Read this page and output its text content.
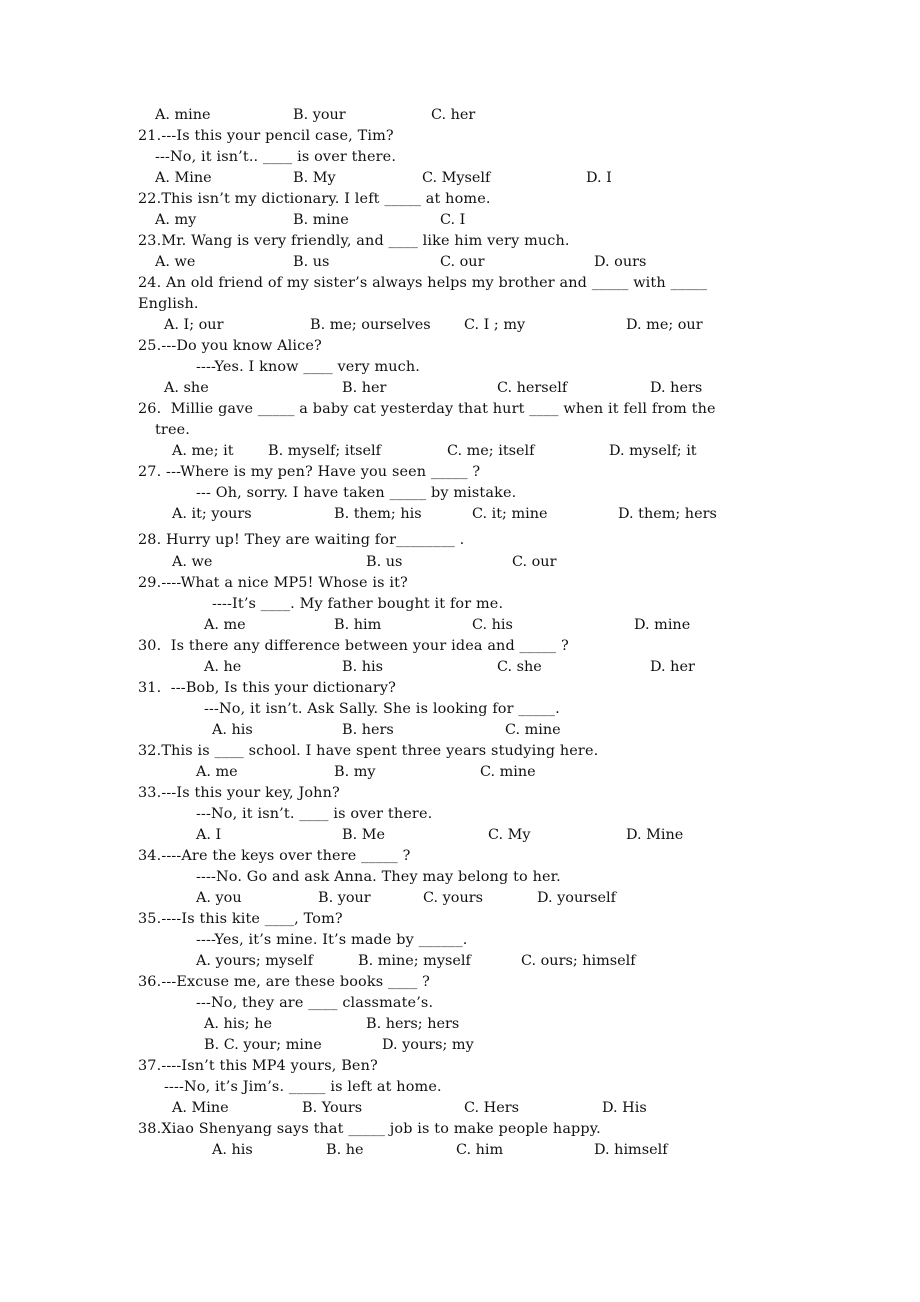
A. mine	B. your	C. her
21.---Is this your pencil case, Tim?
---No, it isn’t.. ____ is over there.
A. Mine	B. My	C. Myself	D. I
22.This isn’t my dictionary. I left _____ at home.
A. my	B. mine	C. I
23.Mr. Wang is very friendly, and ____ like him very much.
A. we	B. us	C. our	D. ours
24. An old friend of my sister’s always helps my brother and _____ with _____
English.
A. I; our	B. me; ourselves C. I ; my	D. me; our
25.---Do you know Alice?
----Yes. I know ____ very much.
A. she	B. her	C. herself	D. hers
26.  Millie gave _____ a baby cat yesterday that hurt ____ when it fell from the
tree.
A. me; it B. myself; itself	C. me; itself	D. myself; it
27. ---Where is my pen? Have you seen _____ ?
--- Oh, sorry. I have taken _____ by mistake.
A. it; yours	B. them; his	C. it; mine	D. them; hers
28. Hurry up! They are waiting for________ .
A. we	B. us	C. our
29.----What a nice MP5! Whose is it?
----It’s ____. My father bought it for me.
A. me	B. him	C. his	D. mine
30.  Is there any difference between your idea and _____ ?
A. he	B. his	C. she	D. her
31.  ---Bob, Is this your dictionary?
---No, it isn’t. Ask Sally. She is looking for _____.
A. his	B. hers	C. mine
32.This is ____ school. I have spent three years studying here.
A. me	B. my	C. mine
33.---Is this your key, John?
---No, it isn’t. ____ is over there.
A. I	B. Me	C. My	D. Mine
34.----Are the keys over there _____ ?
----No. Go and ask Anna. They may belong to her.
A. you	B. your	C. yours	D. yourself
35.----Is this kite ____, Tom?
----Yes, it’s mine. It’s made by ______.
A. yours; myself	B. mine; myself	C. ours; himself
36.---Excuse me, are these books ____ ?
---No, they are ____ classmate’s.
A. his; he	B. hers; hers
B. C. your; mine	D. yours; my
37.----Isn’t this MP4 yours, Ben?
----No, it’s Jim’s. _____ is left at home.
A. Mine	B. Yours	C. Hers	D. His
38.Xiao Shenyang says that _____ job is to make people happy.
A. his	B. he	C. him	D. himself
